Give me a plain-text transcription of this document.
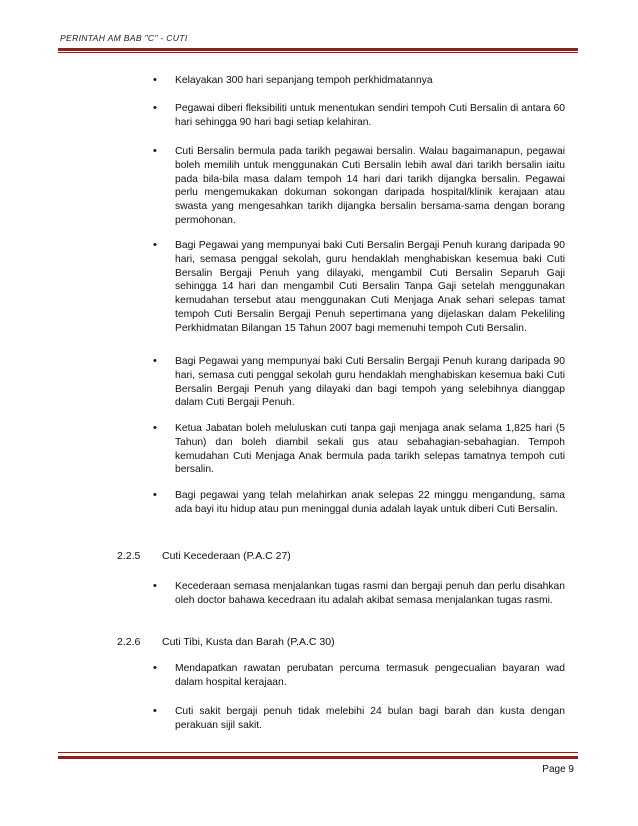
PERINTAH AM BAB "C" - CUTI
• Kelayakan 300 hari sepanjang tempoh perkhidmatannya
• Pegawai diberi fleksibiliti untuk menentukan sendiri tempoh Cuti Bersalin di antara 60 hari sehingga 90 hari bagi setiap kelahiran.
• Cuti Bersalin bermula pada tarikh pegawai bersalin. Walau bagaimanapun, pegawai boleh memilih untuk menggunakan Cuti Bersalin lebih awal dari tarikh bersalin iaitu pada bila-bila masa dalam tempoh 14 hari dari tarikh dijangka bersalin. Pegawai perlu mengemukakan dokuman sokongan daripada hospital/klinik kerajaan atau swasta yang mengesahkan tarikh dijangka bersalin bersama-sama dengan borang permohonan.
• Bagi Pegawai yang mempunyai baki Cuti Bersalin Bergaji Penuh kurang daripada 90 hari, semasa penggal sekolah, guru hendaklah menghabiskan kesemua baki Cuti Bersalin Bergaji Penuh yang dilayaki, mengambil Cuti Bersalin Separuh Gaji sehingga 14 hari dan mengambil Cuti Bersalin Tanpa Gaji setelah menggunakan kemudahan tersebut atau menggunakan Cuti Menjaga Anak sehari selepas tamat tempoh Cuti Bersalin Bergaji Penuh sepertimana yang dijelaskan dalam Pekeliling Perkhidmatan Bilangan 15 Tahun 2007 bagi memenuhi tempoh Cuti Bersalin.
• Bagi Pegawai yang mempunyai baki Cuti Bersalin Bergaji Penuh kurang daripada 90 hari, semasa cuti penggal sekolah guru hendaklah menghabiskan kesemua baki Cuti Bersalin Bergaji Penuh yang dilayaki dan bagi tempoh yang selebihnya dianggap dalam Cuti Bergaji Penuh.
• Ketua Jabatan boleh meluluskan cuti tanpa gaji menjaga anak selama 1,825 hari (5 Tahun) dan boleh diambil sekali gus atau sebahagian-sebahagian. Tempoh kemudahan Cuti Menjaga Anak bermula pada tarikh selepas tamatnya tempoh cuti bersalin.
• Bagi pegawai yang telah melahirkan anak selepas 22 minggu mengandung, sama ada bayi itu hidup atau pun meninggal dunia adalah layak untuk diberi Cuti Bersalin.
2.2.5 Cuti Kecederaan (P.A.C 27)
• Kecederaan semasa menjalankan tugas rasmi dan bergaji penuh dan perlu disahkan oleh doctor bahawa kecedraan itu adalah akibat semasa menjalankan tugas rasmi.
2.2.6 Cuti Tibi, Kusta dan Barah (P.A.C 30)
• Mendapatkan rawatan perubatan percuma termasuk pengecualian bayaran wad dalam hospital kerajaan.
• Cuti sakit bergaji penuh tidak melebihi 24 bulan bagi barah dan kusta dengan perakuan sijil sakit.
Page 9
